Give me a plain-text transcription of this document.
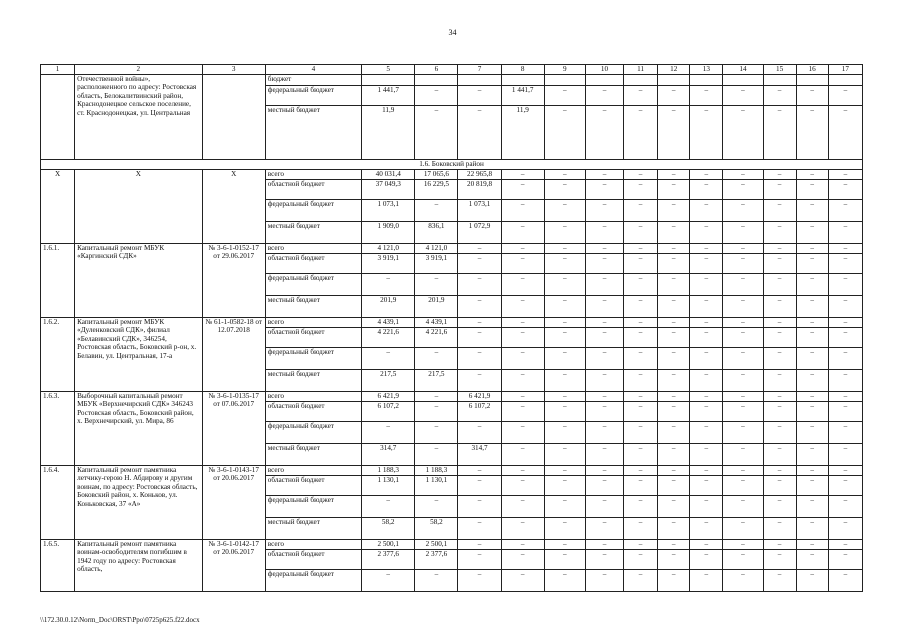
34
1	2	3	4	5	6	7	8	9	10	11	12	13	14	15	16	17
	Отечественной войны», расположенного по адресу: Ростовская область, Белокалитвинский район, Краснодонецкое сельское поселение, ст. Краснодонецкая, ул. Центральная		бюджет													
			федеральный бюджет	1 441,7	–	–	1 441,7	–	–	–	–	–	–	–	–	–
			местный бюджет	11,9	–	–	11,9	–	–	–	–	–	–	–	–	–
1.6. Боковский район																
Х	Х	Х	всего	40 031,4	17 065,6	22 965,8	–	–	–	–	–	–	–	–	–	–
			областной бюджет	37 049,3	16 229,5	20 819,8	–	–	–	–	–	–	–	–	–	–
			федеральный бюджет	1 073,1	–	1 073,1	–	–	–	–	–	–	–	–	–	–
			местный бюджет	1 909,0	836,1	1 072,9	–	–	–	–	–	–	–	–	–	–
1.6.1.	Капитальный ремонт МБУК «Каргинский СДК»	№ 3-6-1-0152-17 от 29.06.2017	всего	4 121,0	4 121,0	–	–	–	–	–	–	–	–	–	–	–
			областной бюджет	3 919,1	3 919,1	–	–	–	–	–	–	–	–	–	–	–
			федеральный бюджет	–	–	–	–	–	–	–	–	–	–	–	–	–
			местный бюджет	201,9	201,9	–	–	–	–	–	–	–	–	–	–	–
1.6.2.	Капитальный ремонт МБУК «Дуленковский СДК», филиал «Белавинский СДК», 346254, Ростовская область, Боковский р-он, х. Белавин, ул. Центральная, 17-а	№ 61-1-0582-18 от 12.07.2018	всего	4 439,1	4 439,1	–	–	–	–	–	–	–	–	–	–	–
			областной бюджет	4 221,6	4 221,6	–	–	–	–	–	–	–	–	–	–	–
			федеральный бюджет	–	–	–	–	–	–	–	–	–	–	–	–	–
			местный бюджет	217,5	217,5	–	–	–	–	–	–	–	–	–	–	–
1.6.3.	Выборочный капитальный ремонт МБУК «Верхнечирский СДК» 346243 Ростовская область, Боковский район, х. Верхнечирский, ул. Мира, 86	№ 3-6-1-0135-17 от 07.06.2017	всего	6 421,9	–	6 421,9	–	–	–	–	–	–	–	–	–	–
			областной бюджет	6 107,2	–	6 107,2	–	–	–	–	–	–	–	–	–	–
			федеральный бюджет	–	–	–	–	–	–	–	–	–	–	–	–	–
			местный бюджет	314,7	–	314,7	–	–	–	–	–	–	–	–	–	–
1.6.4.	Капитальный ремонт памятника летчику-герою Н. Абдирову и другим воинам, по адресу: Ростовская область, Боковский район, х. Коньков, ул. Коньковская, 37 «А»	№ 3-6-1-0143-17 от 20.06.2017	всего	1 188,3	1 188,3	–	–	–	–	–	–	–	–	–	–	–
			областной бюджет	1 130,1	1 130,1	–	–	–	–	–	–	–	–	–	–	–
			федеральный бюджет	–	–	–	–	–	–	–	–	–	–	–	–	–
			местный бюджет	58,2	58,2	–	–	–	–	–	–	–	–	–	–	–
1.6.5.	Капитальный ремонт памятника воинам-освободителям погибшим в 1942 году по адресу: Ростовская область,	№ 3-6-1-0142-17 от 20.06.2017	всего	2 500,1	2 500,1	–	–	–	–	–	–	–	–	–	–	–
			областной бюджет	2 377,6	2 377,6	–	–	–	–	–	–	–	–	–	–	–
			федеральный бюджет	–	–	–	–	–	–	–	–	–	–	–	–	–
\\172.30.0.12\Norm_Doc\ORST\Ppo\0725p625.f22.docx
